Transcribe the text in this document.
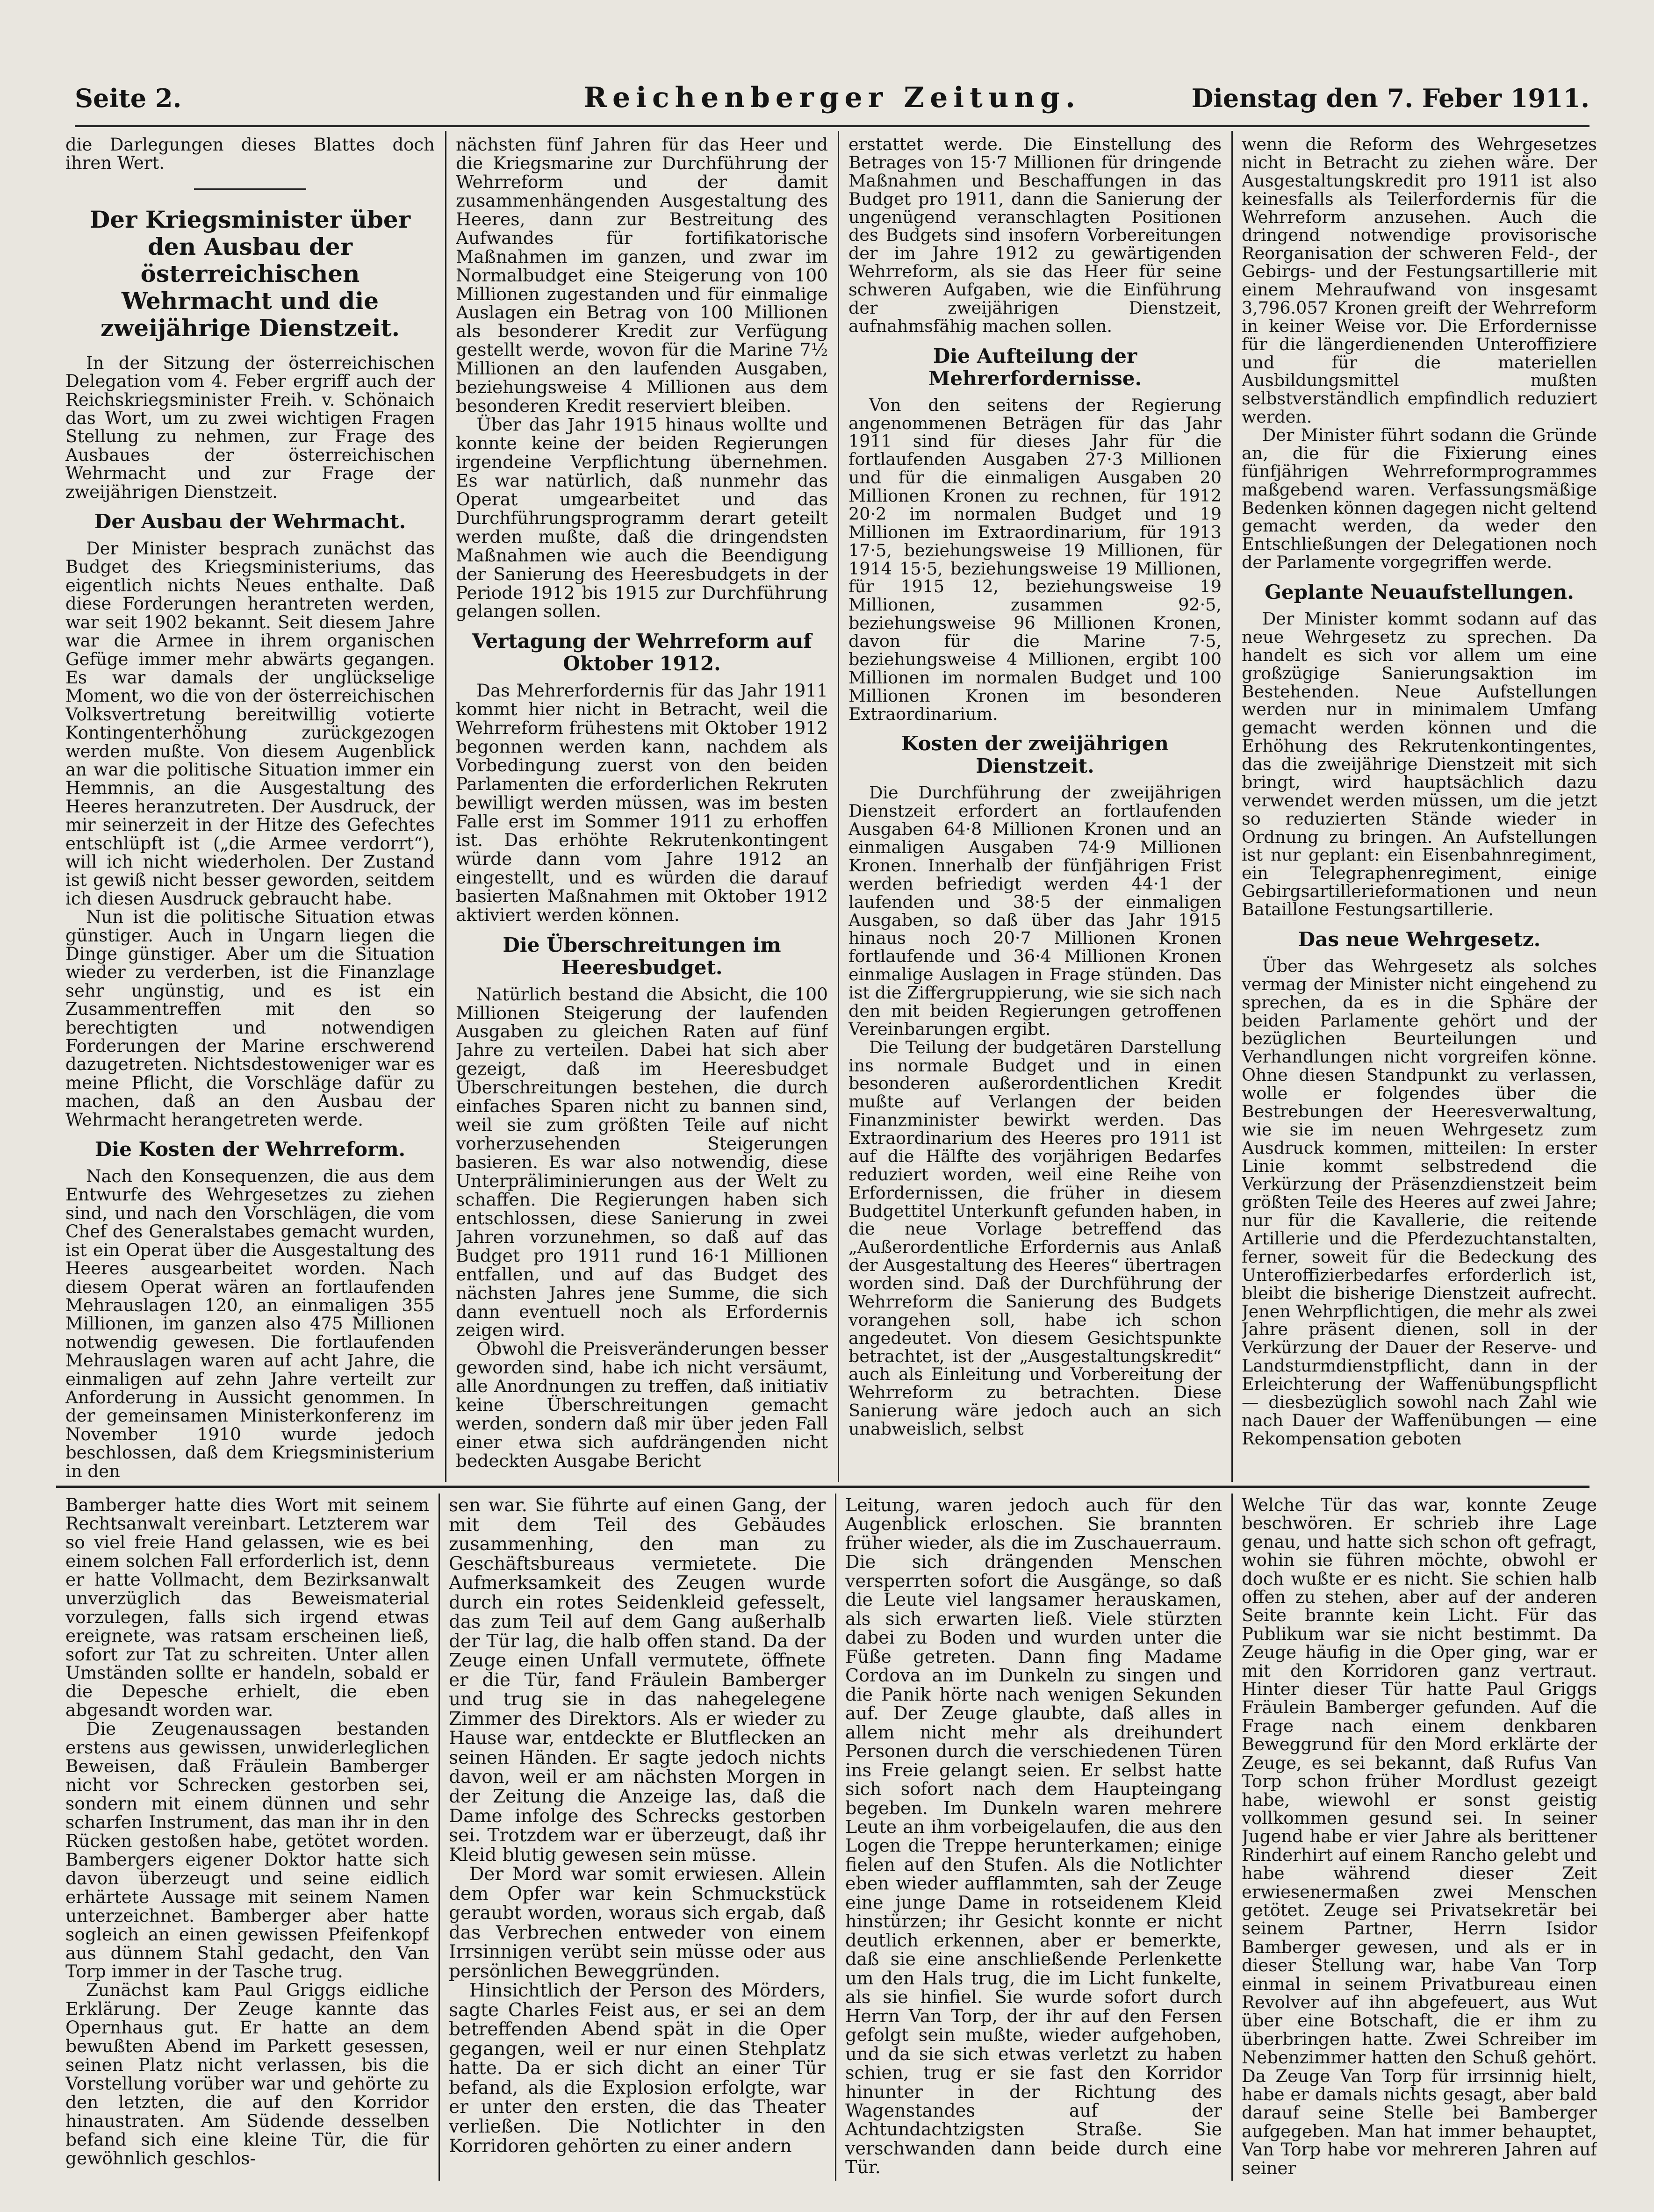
Seite 2.	Reichenberger Zeitung.	Dienstag den 7. Feber 1911.

die Darlegungen dieses Blattes doch ihren Wert.

Der Kriegsminister über den Ausbau der österreichischen Wehrmacht und die zweijährige Dienstzeit.

In der Sitzung der österreichischen Delegation vom 4. Feber ergriff auch der Reichskriegsminister Freih. v. Schönaich das Wort, um zu zwei wichtigen Fragen Stellung zu nehmen, zur Frage des Ausbaues der österreichischen Wehrmacht und zur Frage der zweijährigen Dienstzeit.

Der Ausbau der Wehrmacht.

Der Minister besprach zunächst das Budget des Kriegsministeriums, das eigentlich nichts Neues enthalte. Daß diese Forderungen herantreten werden, war seit 1902 bekannt. Seit diesem Jahre war die Armee in ihrem organischen Gefüge immer mehr abwärts gegangen. Es war damals der unglückselige Moment, wo die von der österreichischen Volksvertretung bereitwillig votierte Kontingenterhöhung zurückgezogen werden mußte. Von diesem Augenblick an war die politische Situation immer ein Hemmnis, an die Ausgestaltung des Heeres heranzutreten. Der Ausdruck, der mir seinerzeit in der Hitze des Gefechtes entschlüpft ist („die Armee verdorrt“), will ich nicht wiederholen. Der Zustand ist gewiß nicht besser geworden, seitdem ich diesen Ausdruck gebraucht habe.

Nun ist die politische Situation etwas günstiger. Auch in Ungarn liegen die Dinge günstiger. Aber um die Situation wieder zu verderben, ist die Finanzlage sehr ungünstig, und es ist ein Zusammentreffen mit den so berechtigten und notwendigen Forderungen der Marine erschwerend dazugetreten. Nichtsdestoweniger war es meine Pflicht, die Vorschläge dafür zu machen, daß an den Ausbau der Wehrmacht herangetreten werde.

Die Kosten der Wehrreform.

Nach den Konsequenzen, die aus dem Entwurfe des Wehrgesetzes zu ziehen sind, und nach den Vorschlägen, die vom Chef des Generalstabes gemacht wurden, ist ein Operat über die Ausgestaltung des Heeres ausgearbeitet worden. Nach diesem Operat wären an fortlaufenden Mehrauslagen 120, an einmaligen 355 Millionen, im ganzen also 475 Millionen notwendig gewesen. Die fortlaufenden Mehrauslagen waren auf acht Jahre, die einmaligen auf zehn Jahre verteilt zur Anforderung in Aussicht genommen. In der gemeinsamen Ministerkonferenz im November 1910 wurde jedoch beschlossen, daß dem Kriegsministerium in den

nächsten fünf Jahren für das Heer und die Kriegsmarine zur Durchführung der Wehrreform und der damit zusammenhängenden Ausgestaltung des Heeres, dann zur Bestreitung des Aufwandes für fortifikatorische Maßnahmen im ganzen, und zwar im Normalbudget eine Steigerung von 100 Millionen zugestanden und für einmalige Auslagen ein Betrag von 100 Millionen als besonderer Kredit zur Verfügung gestellt werde, wovon für die Marine 7½ Millionen an den laufenden Ausgaben, beziehungsweise 4 Millionen aus dem besonderen Kredit reserviert bleiben.

Über das Jahr 1915 hinaus wollte und konnte keine der beiden Regierungen irgendeine Verpflichtung übernehmen. Es war natürlich, daß nunmehr das Operat umgearbeitet und das Durchführungsprogramm derart geteilt werden mußte, daß die dringendsten Maßnahmen wie auch die Beendigung der Sanierung des Heeresbudgets in der Periode 1912 bis 1915 zur Durchführung gelangen sollen.

Vertagung der Wehrreform auf Oktober 1912.

Das Mehrerfordernis für das Jahr 1911 kommt hier nicht in Betracht, weil die Wehrreform frühestens mit Oktober 1912 begonnen werden kann, nachdem als Vorbedingung zuerst von den beiden Parlamenten die erforderlichen Rekruten bewilligt werden müssen, was im besten Falle erst im Sommer 1911 zu erhoffen ist. Das erhöhte Rekrutenkontingent würde dann vom Jahre 1912 an eingestellt, und es würden die darauf basierten Maßnahmen mit Oktober 1912 aktiviert werden können.

Die Überschreitungen im Heeresbudget.

Natürlich bestand die Absicht, die 100 Millionen Steigerung der laufenden Ausgaben zu gleichen Raten auf fünf Jahre zu verteilen. Dabei hat sich aber gezeigt, daß im Heeresbudget Überschreitungen bestehen, die durch einfaches Sparen nicht zu bannen sind, weil sie zum größten Teile auf nicht vorherzusehenden Steigerungen basieren. Es war also notwendig, diese Unterpräliminierungen aus der Welt zu schaffen. Die Regierungen haben sich entschlossen, diese Sanierung in zwei Jahren vorzunehmen, so daß auf das Budget pro 1911 rund 16·1 Millionen entfallen, und auf das Budget des nächsten Jahres jene Summe, die sich dann eventuell noch als Erfordernis zeigen wird.

Obwohl die Preisveränderungen besser geworden sind, habe ich nicht versäumt, alle Anordnungen zu treffen, daß initiativ keine Überschreitungen gemacht werden, sondern daß mir über jeden Fall einer etwa sich aufdrängenden nicht bedeckten Ausgabe Bericht

erstattet werde. Die Einstellung des Betrages von 15·7 Millionen für dringende Maßnahmen und Beschaffungen in das Budget pro 1911, dann die Sanierung der ungenügend veranschlagten Positionen des Budgets sind insofern Vorbereitungen der im Jahre 1912 zu gewärtigenden Wehrreform, als sie das Heer für seine schweren Aufgaben, wie die Einführung der zweijährigen Dienstzeit, aufnahmsfähig machen sollen.

Die Aufteilung der Mehrerfordernisse.

Von den seitens der Regierung angenommenen Beträgen für das Jahr 1911 sind für dieses Jahr für die fortlaufenden Ausgaben 27·3 Millionen und für die einmaligen Ausgaben 20 Millionen Kronen zu rechnen, für 1912 20·2 im normalen Budget und 19 Millionen im Extraordinarium, für 1913 17·5, beziehungsweise 19 Millionen, für 1914 15·5, beziehungsweise 19 Millionen, für 1915 12, beziehungsweise 19 Millionen, zusammen 92·5, beziehungsweise 96 Millionen Kronen, davon für die Marine 7·5, beziehungsweise 4 Millionen, ergibt 100 Millionen im normalen Budget und 100 Millionen Kronen im besonderen Extraordinarium.

Kosten der zweijährigen Dienstzeit.

Die Durchführung der zweijährigen Dienstzeit erfordert an fortlaufenden Ausgaben 64·8 Millionen Kronen und an einmaligen Ausgaben 74·9 Millionen Kronen. Innerhalb der fünfjährigen Frist werden befriedigt werden 44·1 der laufenden und 38·5 der einmaligen Ausgaben, so daß über das Jahr 1915 hinaus noch 20·7 Millionen Kronen fortlaufende und 36·4 Millionen Kronen einmalige Auslagen in Frage stünden. Das ist die Ziffergruppierung, wie sie sich nach den mit beiden Regierungen getroffenen Vereinbarungen ergibt.

Die Teilung der budgetären Darstellung ins normale Budget und in einen besonderen außerordentlichen Kredit mußte auf Verlangen der beiden Finanzminister bewirkt werden. Das Extraordinarium des Heeres pro 1911 ist auf die Hälfte des vorjährigen Bedarfes reduziert worden, weil eine Reihe von Erfordernissen, die früher in diesem Budgettitel Unterkunft gefunden haben, in die neue Vorlage betreffend das „Außerordentliche Erfordernis aus Anlaß der Ausgestaltung des Heeres“ übertragen worden sind. Daß der Durchführung der Wehrreform die Sanierung des Budgets vorangehen soll, habe ich schon angedeutet. Von diesem Gesichtspunkte betrachtet, ist der „Ausgestaltungskredit“ auch als Einleitung und Vorbereitung der Wehrreform zu betrachten. Diese Sanierung wäre jedoch auch an sich unabweislich, selbst

wenn die Reform des Wehrgesetzes nicht in Betracht zu ziehen wäre. Der Ausgestaltungskredit pro 1911 ist also keinesfalls als Teilerfordernis für die Wehrreform anzusehen. Auch die dringend notwendige provisorische Reorganisation der schweren Feld-, der Gebirgs- und der Festungsartillerie mit einem Mehraufwand von insgesamt 3,796.057 Kronen greift der Wehrreform in keiner Weise vor. Die Erfordernisse für die längerdienenden Unteroffiziere und für die materiellen Ausbildungsmittel mußten selbstverständlich empfindlich reduziert werden.

Der Minister führt sodann die Gründe an, die für die Fixierung eines fünfjährigen Wehrreformprogrammes maßgebend waren. Verfassungsmäßige Bedenken können dagegen nicht geltend gemacht werden, da weder den Entschließungen der Delegationen noch der Parlamente vorgegriffen werde.

Geplante Neuaufstellungen.

Der Minister kommt sodann auf das neue Wehrgesetz zu sprechen. Da handelt es sich vor allem um eine großzügige Sanierungsaktion im Bestehenden. Neue Aufstellungen werden nur in minimalem Umfang gemacht werden können und die Erhöhung des Rekrutenkontingentes, das die zweijährige Dienstzeit mit sich bringt, wird hauptsächlich dazu verwendet werden müssen, um die jetzt so reduzierten Stände wieder in Ordnung zu bringen. An Aufstellungen ist nur geplant: ein Eisenbahnregiment, ein Telegraphenregiment, einige Gebirgsartillerieformationen und neun Bataillone Festungsartillerie.

Das neue Wehrgesetz.

Über das Wehrgesetz als solches vermag der Minister nicht eingehend zu sprechen, da es in die Sphäre der beiden Parlamente gehört und der bezüglichen Beurteilungen und Verhandlungen nicht vorgreifen könne. Ohne diesen Standpunkt zu verlassen, wolle er folgendes über die Bestrebungen der Heeresverwaltung, wie sie im neuen Wehrgesetz zum Ausdruck kommen, mitteilen: In erster Linie kommt selbstredend die Verkürzung der Präsenzdienstzeit beim größten Teile des Heeres auf zwei Jahre; nur für die Kavallerie, die reitende Artillerie und die Pferdezuchtanstalten, ferner, soweit für die Bedeckung des Unteroffizierbedarfes erforderlich ist, bleibt die bisherige Dienstzeit aufrecht. Jenen Wehrpflichtigen, die mehr als zwei Jahre präsent dienen, soll in der Verkürzung der Dauer der Reserve- und Landsturmdienstpflicht, dann in der Erleichterung der Waffenübungspflicht — diesbezüglich sowohl nach Zahl wie nach Dauer der Waffenübungen — eine Rekompensation geboten

Bamberger hatte dies Wort mit seinem Rechtsanwalt vereinbart. Letzterem war so viel freie Hand gelassen, wie es bei einem solchen Fall erforderlich ist, denn er hatte Vollmacht, dem Bezirksanwalt unverzüglich das Beweismaterial vorzulegen, falls sich irgend etwas ereignete, was ratsam erscheinen ließ, sofort zur Tat zu schreiten. Unter allen Umständen sollte er handeln, sobald er die Depesche erhielt, die eben abgesandt worden war.

Die Zeugenaussagen bestanden erstens aus gewissen, unwiderleglichen Beweisen, daß Fräulein Bamberger nicht vor Schrecken gestorben sei, sondern mit einem dünnen und sehr scharfen Instrument, das man ihr in den Rücken gestoßen habe, getötet worden. Bambergers eigener Doktor hatte sich davon überzeugt und seine eidlich erhärtete Aussage mit seinem Namen unterzeichnet. Bamberger aber hatte sogleich an einen gewissen Pfeifenkopf aus dünnem Stahl gedacht, den Van Torp immer in der Tasche trug.

Zunächst kam Paul Griggs eidliche Erklärung. Der Zeuge kannte das Opernhaus gut. Er hatte an dem bewußten Abend im Parkett gesessen, seinen Platz nicht verlassen, bis die Vorstellung vorüber war und gehörte zu den letzten, die auf den Korridor hinaustraten. Am Südende desselben befand sich eine kleine Tür, die für gewöhnlich geschlos-

sen war. Sie führte auf einen Gang, der mit dem Teil des Gebäudes zusammenhing, den man zu Geschäftsbureaus vermietete. Die Aufmerksamkeit des Zeugen wurde durch ein rotes Seidenkleid gefesselt, das zum Teil auf dem Gang außerhalb der Tür lag, die halb offen stand. Da der Zeuge einen Unfall vermutete, öffnete er die Tür, fand Fräulein Bamberger und trug sie in das nahegelegene Zimmer des Direktors. Als er wieder zu Hause war, entdeckte er Blutflecken an seinen Händen. Er sagte jedoch nichts davon, weil er am nächsten Morgen in der Zeitung die Anzeige las, daß die Dame infolge des Schrecks gestorben sei. Trotzdem war er überzeugt, daß ihr Kleid blutig gewesen sein müsse.

Der Mord war somit erwiesen. Allein dem Opfer war kein Schmuckstück geraubt worden, woraus sich ergab, daß das Verbrechen entweder von einem Irrsinnigen verübt sein müsse oder aus persönlichen Beweggründen.

Hinsichtlich der Person des Mörders, sagte Charles Feist aus, er sei an dem betreffenden Abend spät in die Oper gegangen, weil er nur einen Stehplatz hatte. Da er sich dicht an einer Tür befand, als die Explosion erfolgte, war er unter den ersten, die das Theater verließen. Die Notlichter in den Korridoren gehörten zu einer andern

Leitung, waren jedoch auch für den Augenblick erloschen. Sie brannten früher wieder, als die im Zuschauerraum. Die sich drängenden Menschen versperrten sofort die Ausgänge, so daß die Leute viel langsamer herauskamen, als sich erwarten ließ. Viele stürzten dabei zu Boden und wurden unter die Füße getreten. Dann fing Madame Cordova an im Dunkeln zu singen und die Panik hörte nach wenigen Sekunden auf. Der Zeuge glaubte, daß alles in allem nicht mehr als dreihundert Personen durch die verschiedenen Türen ins Freie gelangt seien. Er selbst hatte sich sofort nach dem Haupteingang begeben. Im Dunkeln waren mehrere Leute an ihm vorbeigelaufen, die aus den Logen die Treppe herunterkamen; einige fielen auf den Stufen. Als die Notlichter eben wieder aufflammten, sah der Zeuge eine junge Dame in rotseidenem Kleid hinstürzen; ihr Gesicht konnte er nicht deutlich erkennen, aber er bemerkte, daß sie eine anschließende Perlenkette um den Hals trug, die im Licht funkelte, als sie hinfiel. Sie wurde sofort durch Herrn Van Torp, der ihr auf den Fersen gefolgt sein mußte, wieder aufgehoben, und da sie sich etwas verletzt zu haben schien, trug er sie fast den Korridor hinunter in der Richtung des Wagenstandes auf der Achtundachtzigsten Straße. Sie verschwanden dann beide durch eine Tür.

Welche Tür das war, konnte Zeuge beschwören. Er schrieb ihre Lage genau, und hatte sich schon oft gefragt, wohin sie führen möchte, obwohl er doch wußte er es nicht. Sie schien halb offen zu stehen, aber auf der anderen Seite brannte kein Licht. Für das Publikum war sie nicht bestimmt. Da Zeuge häufig in die Oper ging, war er mit den Korridoren ganz vertraut. Hinter dieser Tür hatte Paul Griggs Fräulein Bamberger gefunden. Auf die Frage nach einem denkbaren Beweggrund für den Mord erklärte der Zeuge, es sei bekannt, daß Rufus Van Torp schon früher Mordlust gezeigt habe, wiewohl er sonst geistig vollkommen gesund sei. In seiner Jugend habe er vier Jahre als berittener Rinderhirt auf einem Rancho gelebt und habe während dieser Zeit erwiesenermaßen zwei Menschen getötet. Zeuge sei Privatsekretär bei seinem Partner, Herrn Isidor Bamberger gewesen, und als er in dieser Stellung war, habe Van Torp einmal in seinem Privatbureau einen Revolver auf ihn abgefeuert, aus Wut über eine Botschaft, die er ihm zu überbringen hatte. Zwei Schreiber im Nebenzimmer hatten den Schuß gehört. Da Zeuge Van Torp für irrsinnig hielt, habe er damals nichts gesagt, aber bald darauf seine Stelle bei Bamberger aufgegeben. Man hat immer behauptet, Van Torp habe vor mehreren Jahren auf seiner
